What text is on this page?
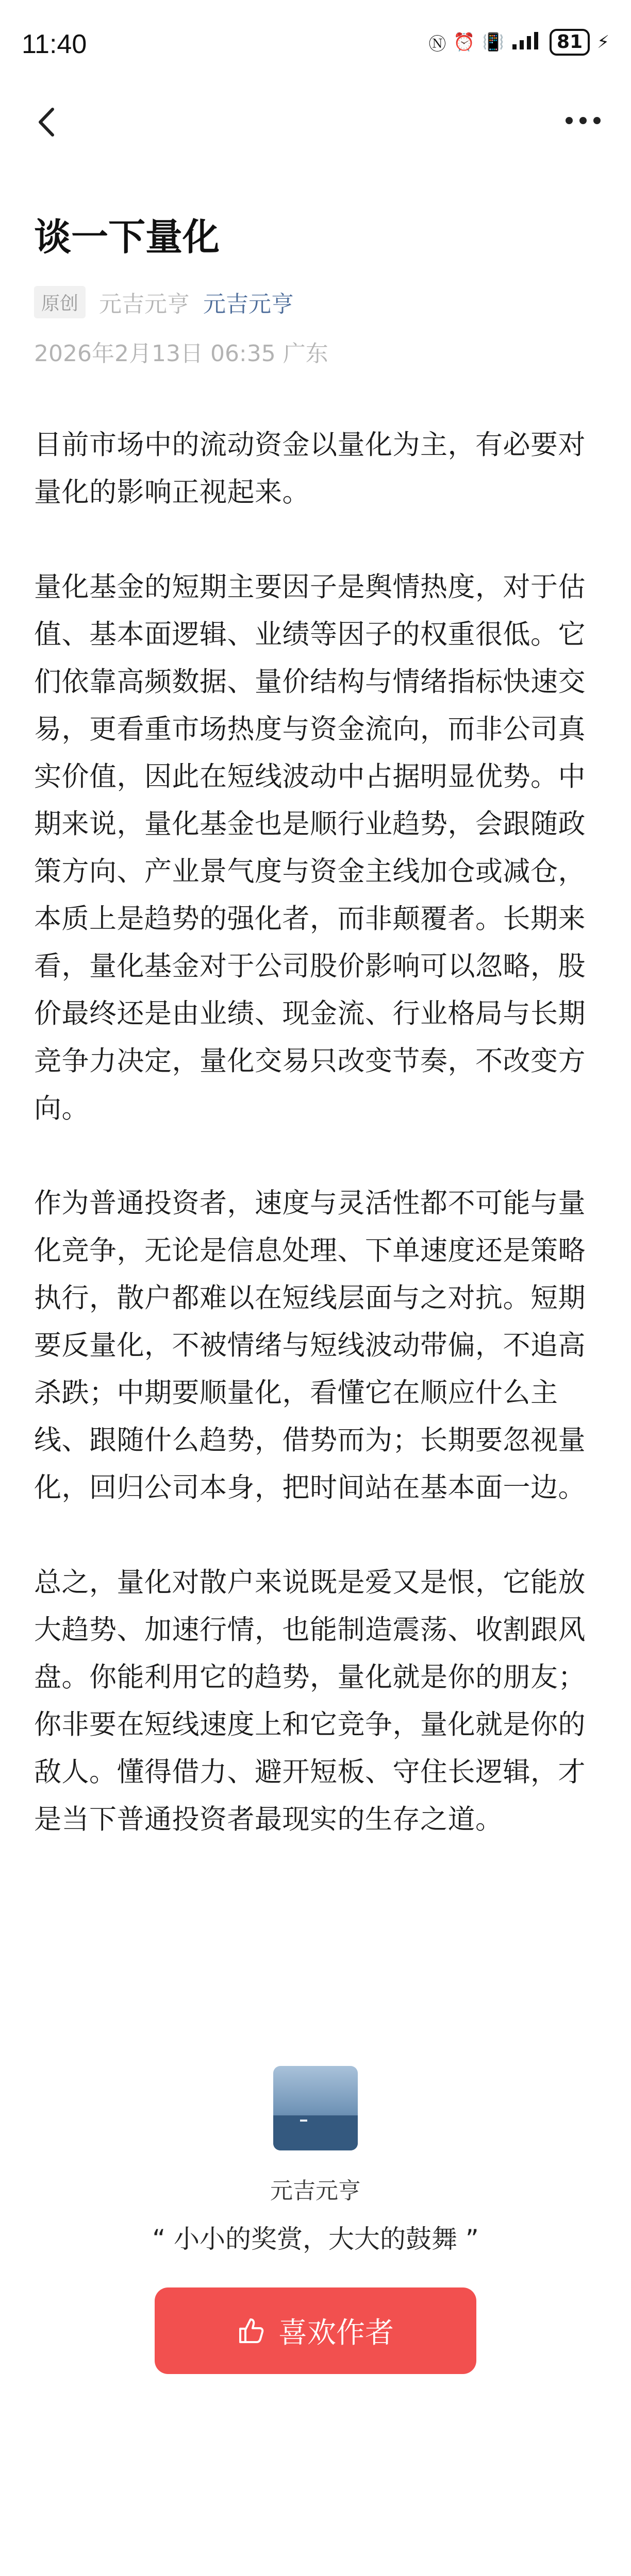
11:40	Ⓝ ⏰ 📳	81 ⚡
谈一下量化
原创 元吉元亨 元吉元亨
2026年2月13日 06:35 广东

目前市场中的流动资金以量化为主，有必要对量化的影响正视起来。

量化基金的短期主要因子是舆情热度，对于估值、基本面逻辑、业绩等因子的权重很低。它们依靠高频数据、量价结构与情绪指标快速交易，更看重市场热度与资金流向，而非公司真实价值，因此在短线波动中占据明显优势。中期来说，量化基金也是顺行业趋势，会跟随政策方向、产业景气度与资金主线加仓或减仓，本质上是趋势的强化者，而非颠覆者。长期来看，量化基金对于公司股价影响可以忽略，股价最终还是由业绩、现金流、行业格局与长期竞争力决定，量化交易只改变节奏，不改变方向。

作为普通投资者，速度与灵活性都不可能与量化竞争，无论是信息处理、下单速度还是策略执行，散户都难以在短线层面与之对抗。短期要反量化，不被情绪与短线波动带偏，不追高杀跌；中期要顺量化，看懂它在顺应什么主线、跟随什么趋势，借势而为；长期要忽视量化，回归公司本身，把时间站在基本面一边。

总之，量化对散户来说既是爱又是恨，它能放大趋势、加速行情，也能制造震荡、收割跟风盘。你能利用它的趋势，量化就是你的朋友；你非要在短线速度上和它竞争，量化就是你的敌人。懂得借力、避开短板、守住长逻辑，才是当下普通投资者最现实的生存之道。

元吉元亨
“ 小小的奖赏，大大的鼓舞 ”
喜欢作者
